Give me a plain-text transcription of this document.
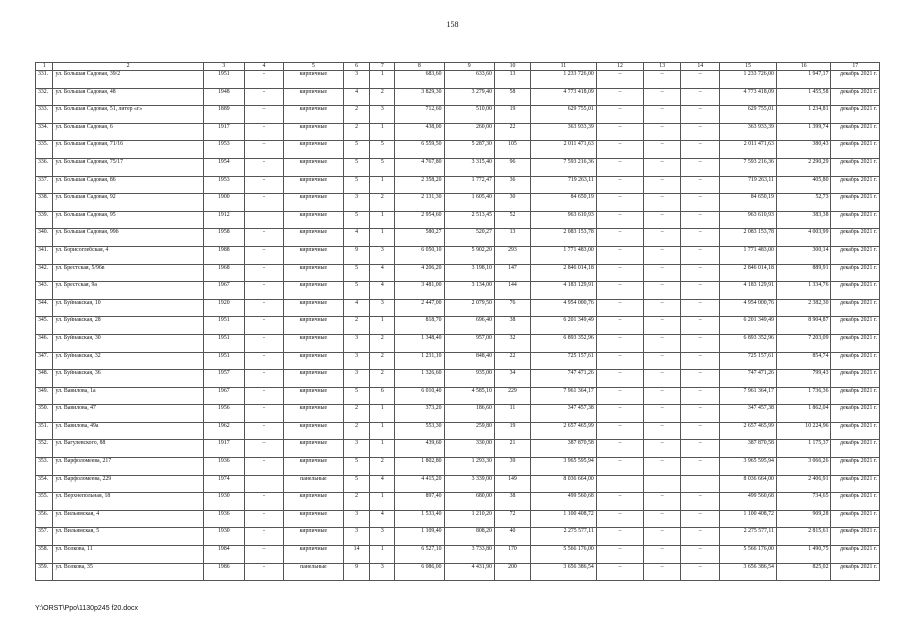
158
1	2	3	4	5	6	7	8	9	10	11	12	13	14	15	16	17
331.	ул. Большая Садовая, 39/2	1951	-	кирпичные	3	1	683,60	633,60	13	1 233 726,00	–	–	–	1 233 726,00	1 947,17	декабрь 2021 г.
332.	ул. Большая Садовая, 48	1948	-	кирпичные	4	2	3 829,30	3 279,40	58	4 773 418,09	–	–	–	4 773 418,09	1 455,58	декабрь 2021 г.
333.	ул. Большая Садовая, 51, литер «г»	1889	–	кирпичные	2	3	712,60	510,00	19	629 755,01	–	–	–	629 755,01	1 234,81	декабрь 2021 г.
334.	ул. Большая Садовая, 6	1917	-	кирпичные	2	1	438,00	260,00	22	363 933,39	–	–	–	363 933,39	1 399,74	декабрь 2021 г.
335.	ул. Большая Садовая, 71/16	1953	–	кирпичные	5	5	6 559,50	5 287,30	105	2 011 471,63	–	–	–	2 011 471,63	380,43	декабрь 2021 г.
336.	ул. Большая Садовая, 75/17	1954	-	кирпичные	5	5	4 767,80	3 315,40	96	7 593 216,36	–	–	–	7 593 216,36	2 290,29	декабрь 2021 г.
337.	ул. Большая Садовая, 86	1953	-	кирпичные	5	1	2 358,20	1 772,47	36	719 263,11	–	–	–	719 263,11	405,80	декабрь 2021 г.
338.	ул. Большая Садовая, 92	1900	-	кирпичные	3	2	2 131,30	1 605,40	30	84 650,19	–	–	–	84 650,19	52,73	декабрь 2021 г.
339.	ул. Большая Садовая, 95	1912		кирпичные	5	1	2 954,60	2 513,45	52	963 610,93	–	–	–	963 610,93	383,38	декабрь 2021 г.
340.	ул. Большая Садовая, 99б	1958	-	кирпичные	4	1	580,27	520,27	13	2 083 153,78	–	–	–	2 083 153,78	4 003,99	декабрь 2021 г.
341.	ул. Борисоглебская, 4	1988	–	кирпичные	9	3	6 050,10	5 902,20	293	1 771 483,00	–	–	–	1 771 483,00	300,14	декабрь 2021 г.
342.	ул. Брестская, 5/96в	1968	-	кирпичные	5	4	4 206,20	3 198,10	147	2 846 014,18	–	–	–	2 846 014,18	889,91	декабрь 2021 г.
343.	ул. Брестская, 9а	1967	-	кирпичные	5	4	3 481,00	3 134,00	144	4 183 129,91	–	–	–	4 183 129,91	1 334,76	декабрь 2021 г.
344.	ул. Буйнакская, 10	1920	-	кирпичные	4	3	2 447,00	2 079,50	76	4 954 000,76	–	–	–	4 954 000,76	2 382,30	декабрь 2021 г.
345.	ул. Буйнакская, 28	1951	-	кирпичные	2	1	818,70	696,40	38	6 201 349,49	–	–	–	6 201 349,49	8 904,87	декабрь 2021 г.
346.	ул. Буйнакская, 30	1951	-	кирпичные	3	2	1 348,40	957,00	32	6 893 352,96	–	–	–	6 893 352,96	7 203,09	декабрь 2021 г.
347.	ул. Буйнакская, 32	1951	-	кирпичные	3	2	1 231,10	848,40	22	725 157,61	–	–	–	725 157,61	854,74	декабрь 2021 г.
348.	ул. Буйнакская, 36	1957	-	кирпичные	3	2	1 326,60	935,00	34	747 471,26	–	–	–	747 471,26	799,43	декабрь 2021 г.
349.	ул. Вавилова, 1а	1967	-	кирпичные	5	6	6 010,40	4 585,10	229	7 961 364,17	–	–	–	7 961 364,17	1 736,36	декабрь 2021 г.
350.	ул. Вавилова, 47	1956	-	кирпичные	2	1	373,20	186,60	11	347 457,38	–	–	–	347 457,38	1 862,04	декабрь 2021 г.
351.	ул. Вавилова, 49а	1962	-	кирпичные	2	1	553,30	259,80	19	2 657 465,99	–	–	–	2 657 465,99	10 224,96	декабрь 2021 г.
352.	ул. Вагулевского, 88	1917	–	кирпичные	3	1	439,60	330,00	21	387 870,58	–	–	–	387 870,58	1 175,37	декабрь 2021 г.
353.	ул. Варфоломеева, 217	1936	-	кирпичные	5	2	1 802,80	1 293,30	39	3 965 595,94	–	–	–	3 965 595,94	3 066,26	декабрь 2021 г.
354.	ул. Варфоломеева, 229	1974		панельные	5	4	4 415,20	3 339,00	149	8 036 664,00				8 036 664,00	2 406,91	декабрь 2021 г.
355.	ул. Верхнепольная, 18	1930	-	кирпичные	2	1	897,40	680,00	38	499 560,68	–	–	–	499 560,68	734,65	декабрь 2021 г.
356.	ул. Вильямская, 4	1936	-	кирпичные	3	4	1 533,40	1 210,20	72	1 100 408,72	–	–	–	1 100 408,72	909,28	декабрь 2021 г.
357.	ул. Вильямская, 5	1930	-	кирпичные	3	3	1 109,40	808,20	40	2 275 577,11	–	–	–	2 275 577,11	2 815,61	декабрь 2021 г.
358.	ул. Волкова, 11	1984	–	кирпичные	14	1	6 527,10	3 733,80	170	5 566 176,00	–	–	–	5 566 176,00	1 490,75	декабрь 2021 г.
359.	ул. Волкова, 35	1986	-	панельные	9	3	6 086,00	4 431,90	200	3 656 386,54	–	–	–	3 656 386,54	825,02	декабрь 2021 г.
Y:\ORST\Ppo\1130p245 f20.docx
